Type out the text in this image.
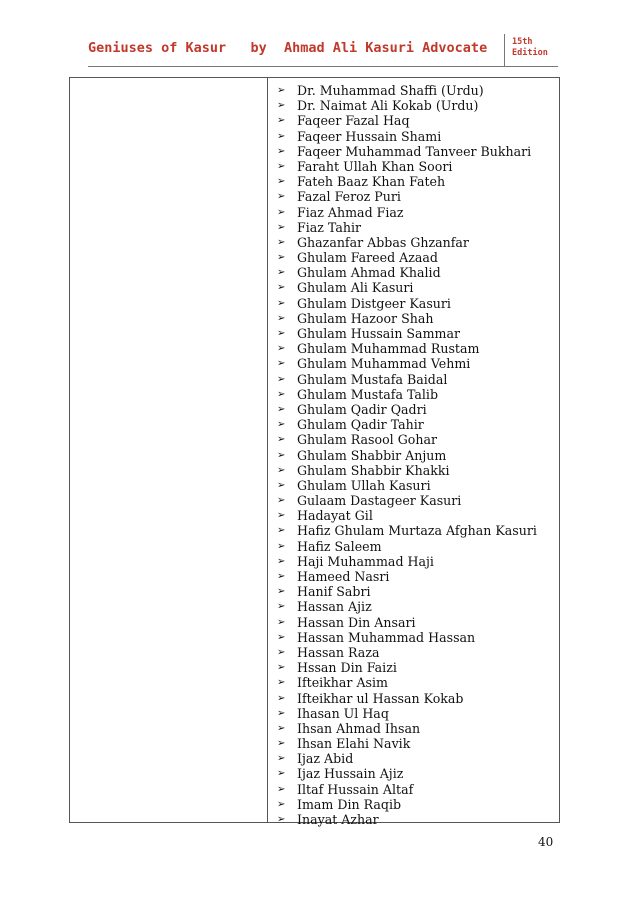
Geniuses of Kasur   by Ahmad Ali Kasuri Advocate	15th
Edition
➢ Dr. Muhammad Shaffi (Urdu)
➢ Dr. Naimat Ali Kokab (Urdu)
➢ Faqeer Fazal Haq
➢ Faqeer Hussain Shami
➢ Faqeer Muhammad Tanveer Bukhari
➢ Faraht Ullah Khan Soori
➢ Fateh Baaz Khan Fateh
➢ Fazal Feroz Puri
➢ Fiaz Ahmad Fiaz
➢ Fiaz Tahir
➢ Ghazanfar Abbas Ghzanfar
➢ Ghulam Fareed Azaad
➢ Ghulam Ahmad Khalid
➢ Ghulam Ali Kasuri
➢ Ghulam Distgeer Kasuri
➢ Ghulam Hazoor Shah
➢ Ghulam Hussain Sammar
➢ Ghulam Muhammad Rustam
➢ Ghulam Muhammad Vehmi
➢ Ghulam Mustafa Baidal
➢ Ghulam Mustafa Talib
➢ Ghulam Qadir Qadri
➢ Ghulam Qadir Tahir
➢ Ghulam Rasool Gohar
➢ Ghulam Shabbir Anjum
➢ Ghulam Shabbir Khakki
➢ Ghulam Ullah Kasuri
➢ Gulaam Dastageer Kasuri
➢ Hadayat Gil
➢ Hafiz Ghulam Murtaza Afghan Kasuri
➢ Hafiz Saleem
➢ Haji Muhammad Haji
➢ Hameed Nasri
➢ Hanif Sabri
➢ Hassan Ajiz
➢ Hassan Din Ansari
➢ Hassan Muhammad Hassan
➢ Hassan Raza
➢ Hssan Din Faizi
➢ Ifteikhar Asim
➢ Ifteikhar ul Hassan Kokab
➢ Ihasan Ul Haq
➢ Ihsan Ahmad Ihsan
➢ Ihsan Elahi Navik
➢ Ijaz Abid
➢ Ijaz Hussain Ajiz
➢ Iltaf Hussain Altaf
➢ Imam Din Raqib
➢ Inayat Azhar
40
